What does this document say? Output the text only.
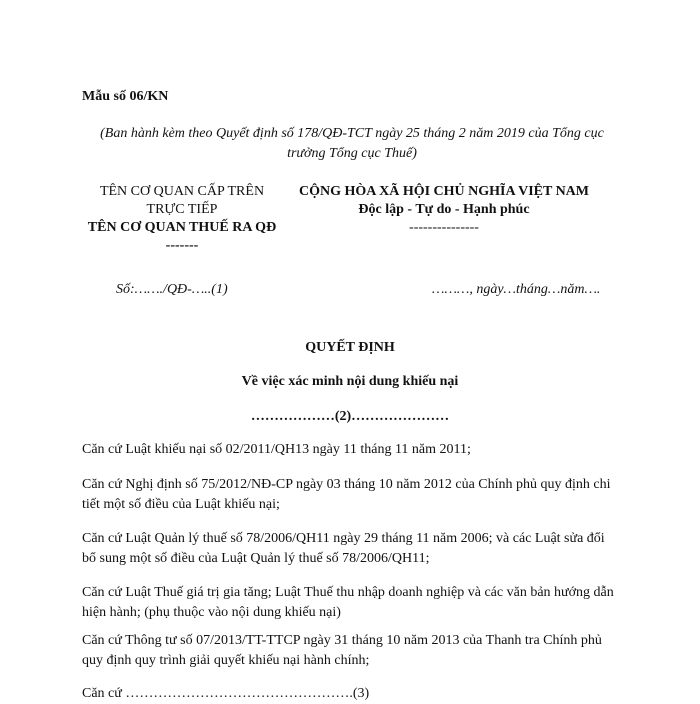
Mẫu số 06/KN
(Ban hành kèm theo Quyết định số 178/QĐ-TCT ngày 25 tháng 2 năm 2019 của Tổng cục trưởng Tổng cục Thuế)
TÊN CƠ QUAN CẤP TRÊN TRỰC TIẾP
TÊN CƠ QUAN THUẾ RA QĐ
-------
CỘNG HÒA XÃ HỘI CHỦ NGHĨA VIỆT NAM
Độc lập - Tự do - Hạnh phúc
---------------
Số:……./QĐ-…..(1)	………, ngày…tháng…năm….
QUYẾT ĐỊNH
Về việc xác minh nội dung khiếu nại
………………(2)…………………
Căn cứ Luật khiếu nại số 02/2011/QH13 ngày 11 tháng 11 năm 2011;
Căn cứ Nghị định số 75/2012/NĐ-CP ngày 03 tháng 10 năm 2012 của Chính phủ quy định chi tiết một số điều của Luật khiếu nại;
Căn cứ Luật Quản lý thuế số 78/2006/QH11 ngày 29 tháng 11 năm 2006; và các Luật sửa đổi bổ sung một số điều của Luật Quản lý thuế số 78/2006/QH11;
Căn cứ Luật Thuế giá trị gia tăng; Luật Thuế thu nhập doanh nghiệp và các văn bản hướng dẫn hiện hành; (phụ thuộc vào nội dung khiếu nại)
Căn cứ Thông tư số 07/2013/TT-TTCP ngày 31 tháng 10 năm 2013 của Thanh tra Chính phủ quy định quy trình giải quyết khiếu nại hành chính;
Căn cứ ………………………………………….(3)
